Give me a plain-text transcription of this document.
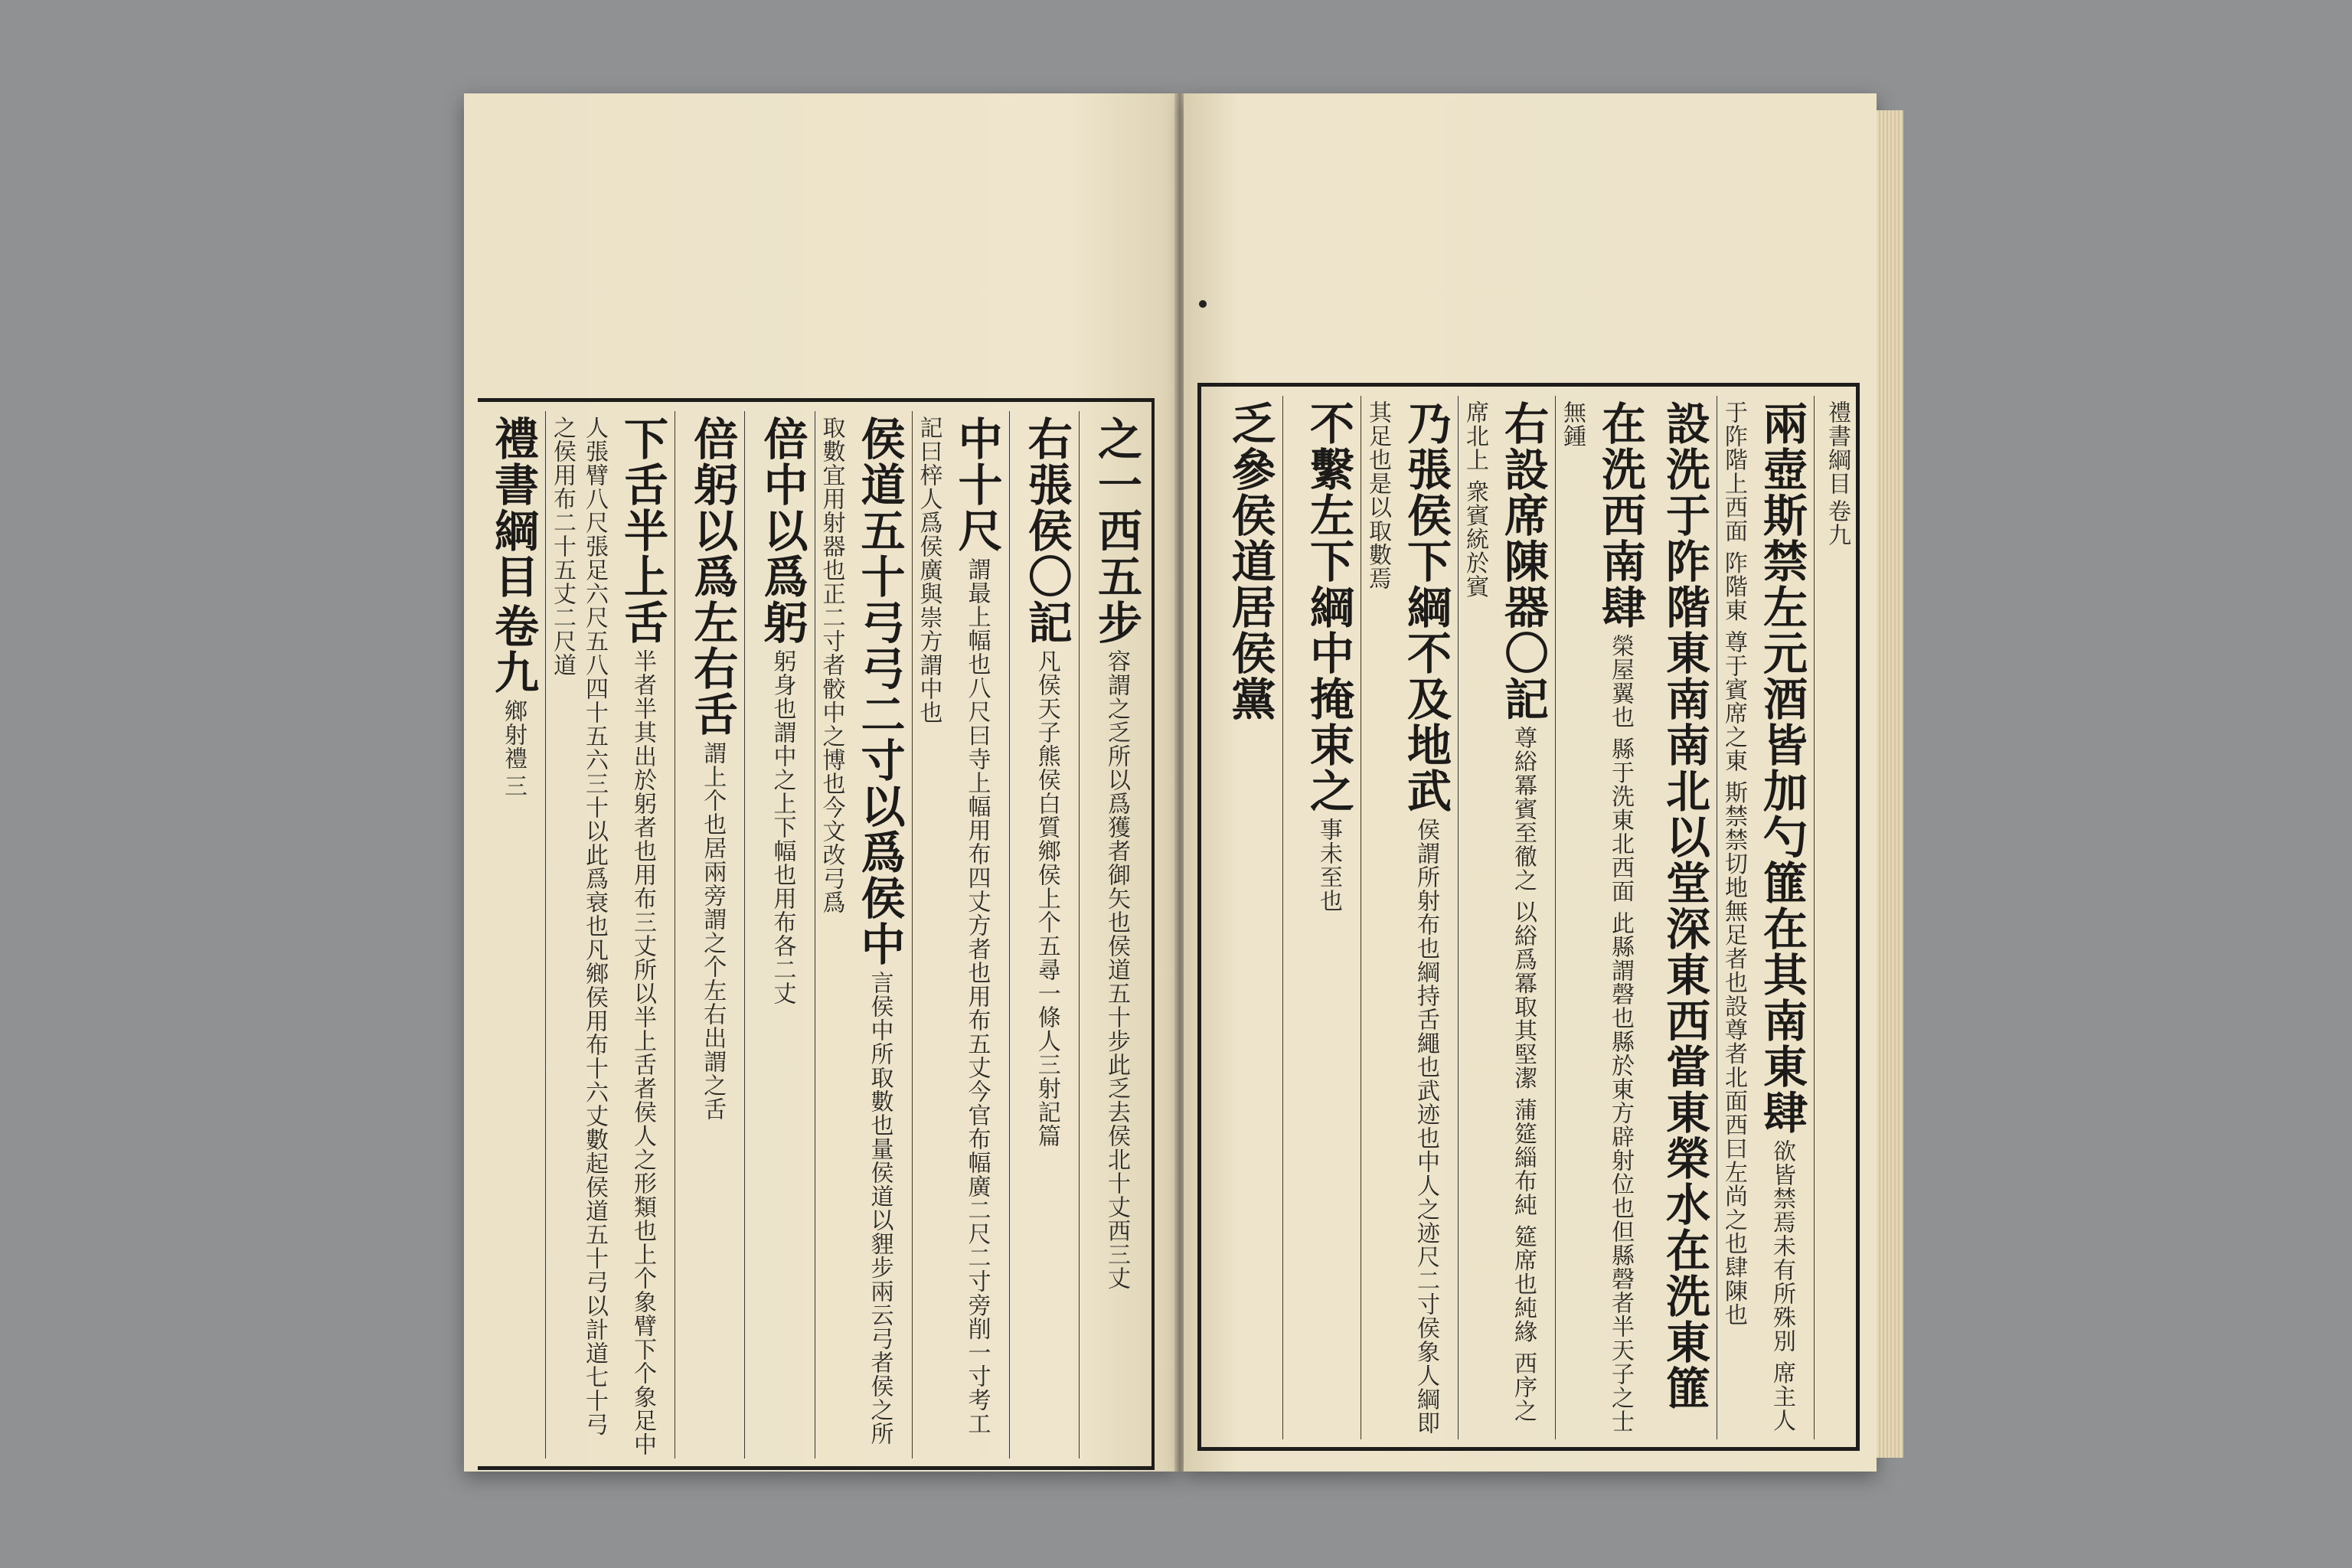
之一西五步 容謂之乏所以爲獲者御矢也侯道五十步此乏去侯北十丈西三丈
右張侯〇記 凡侯天子熊侯白質鄉侯上个五尋一條人三射記篇
中十尺 謂最上幅也八尺曰寺上幅用布四丈方者也用布五丈今官布幅廣二尺二寸旁削一寸考工記曰梓人爲侯廣與崇方謂中也
侯道五十弓弓二寸以爲侯中 言侯中所取數也量侯道以貍步兩云弓者侯之所取數宜用射器也正二寸者骹中之博也今文改弓爲
倍中以爲躬 躬身也謂中之上下幅也用布各二丈
倍躬以爲左右舌 謂上个也居兩旁謂之个左右出謂之舌
下舌半上舌 半者半其出於躬者也用布三丈所以半上舌者侯人之形類也上个象臂下个象足中人張臂八尺張足六尺五八四十五六三十以此爲衰也凡鄉侯用布十六丈數起侯道五十弓以計道七十弓之侯用布二十五丈二尺道
禮書綱目 卷九 鄉射禮 三
禮書綱目 卷九
兩壺斯禁左元酒皆加勺篚在其南東肆 欲皆禁焉未有所殊別 席主人于阼階上西面 阼階東 尊于賓席之東 斯禁禁切地無足者也設尊者北面西曰左尚之也肆陳也
設洗于阼階東南南北以堂深東西當東榮水在洗東篚在洗西南肆 榮屋翼也 縣于洗東北西面 此縣謂磬也縣於東方辟射位也但縣磬者半天子之士無鍾
右設席陳器〇記 尊綌冪賓至徹之 以綌爲冪取其堅潔 蒲筵緇布純 筵席也純緣 西序之席北上 衆賓統於賓
乃張侯下綱不及地武 侯謂所射布也綱持舌繩也武迹也中人之迹尺二寸侯象人綱即其足也是以取數焉
不繫左下綱中掩束之 事未至也
乏參侯道居侯黨
